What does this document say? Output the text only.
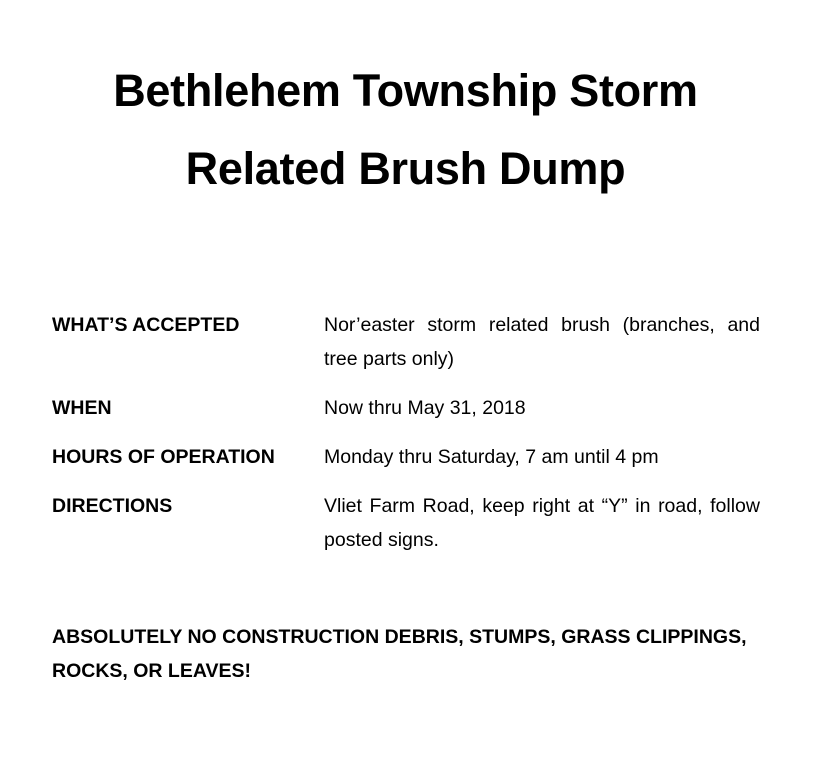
Bethlehem Township Storm
Related Brush Dump
WHAT’S ACCEPTED	Nor’easter storm related brush (branches, and tree parts only)
WHEN	Now thru May 31, 2018
HOURS OF OPERATION	Monday thru Saturday, 7 am until 4 pm
DIRECTIONS	Vliet Farm Road, keep right at “Y” in road, follow posted signs.
ABSOLUTELY NO CONSTRUCTION DEBRIS, STUMPS, GRASS CLIPPINGS, ROCKS, OR LEAVES!
